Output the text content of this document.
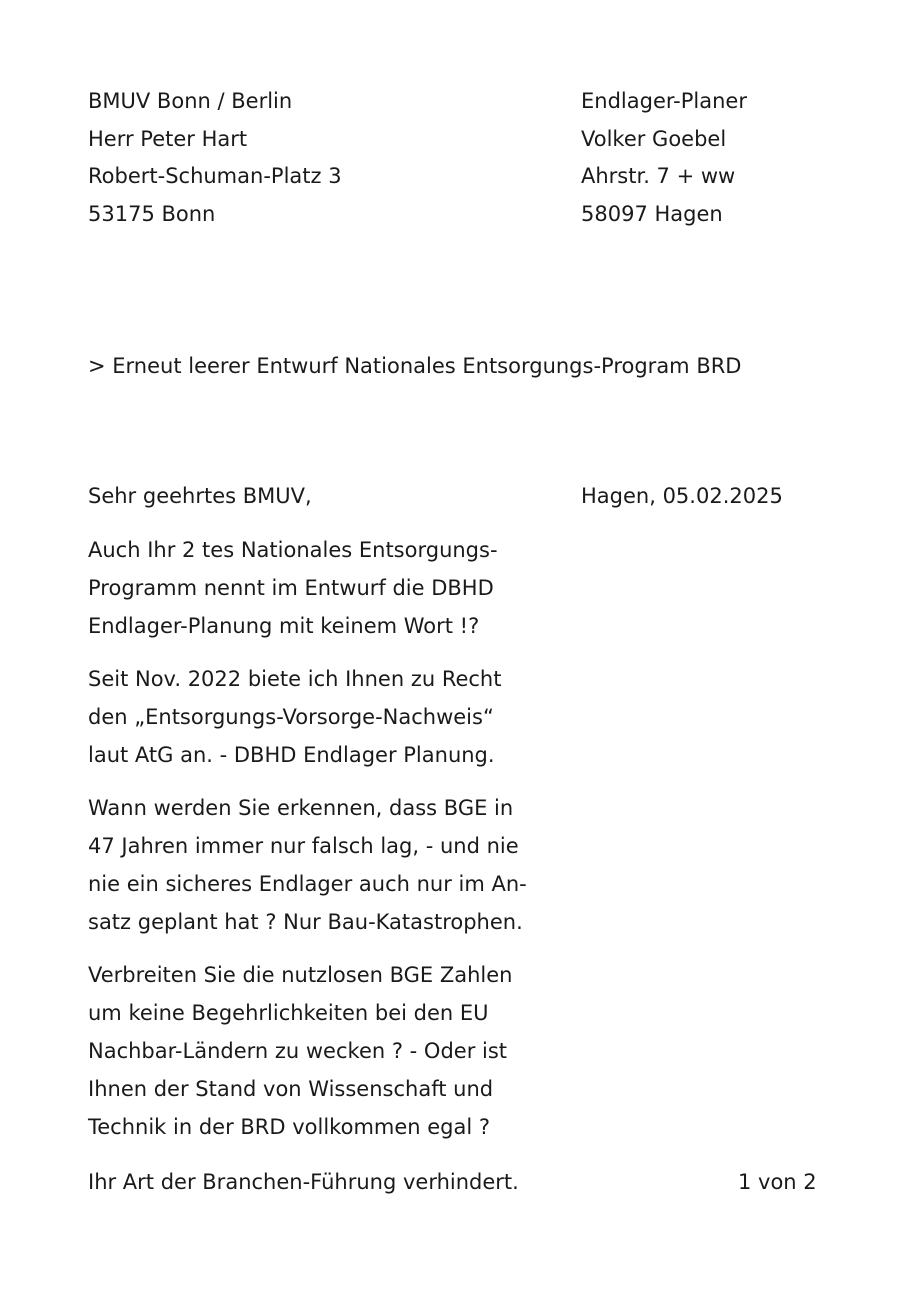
BMUV Bonn / Berlin
Herr Peter Hart
Robert-Schuman-Platz 3
53175 Bonn
Endlager-Planer
Volker Goebel
Ahrstr. 7 + ww
58097 Hagen
> Erneut leerer Entwurf Nationales Entsorgungs-Program BRD
Sehr geehrtes BMUV,	Hagen, 05.02.2025
Auch Ihr 2 tes Nationales Entsorgungs-
Programm nennt im Entwurf die DBHD
Endlager-Planung mit keinem Wort !?
Seit Nov. 2022 biete ich Ihnen zu Recht
den „Entsorgungs-Vorsorge-Nachweis“
laut AtG an. - DBHD Endlager Planung.
Wann werden Sie erkennen, dass BGE in
47 Jahren immer nur falsch lag, - und nie
nie ein sicheres Endlager auch nur im An-
satz geplant hat ? Nur Bau-Katastrophen.
Verbreiten Sie die nutzlosen BGE Zahlen
um keine Begehrlichkeiten bei den EU
Nachbar-Ländern zu wecken ? - Oder ist
Ihnen der Stand von Wissenschaft und
Technik in der BRD vollkommen egal ?
Ihr Art der Branchen-Führung verhindert.	1 von 2
